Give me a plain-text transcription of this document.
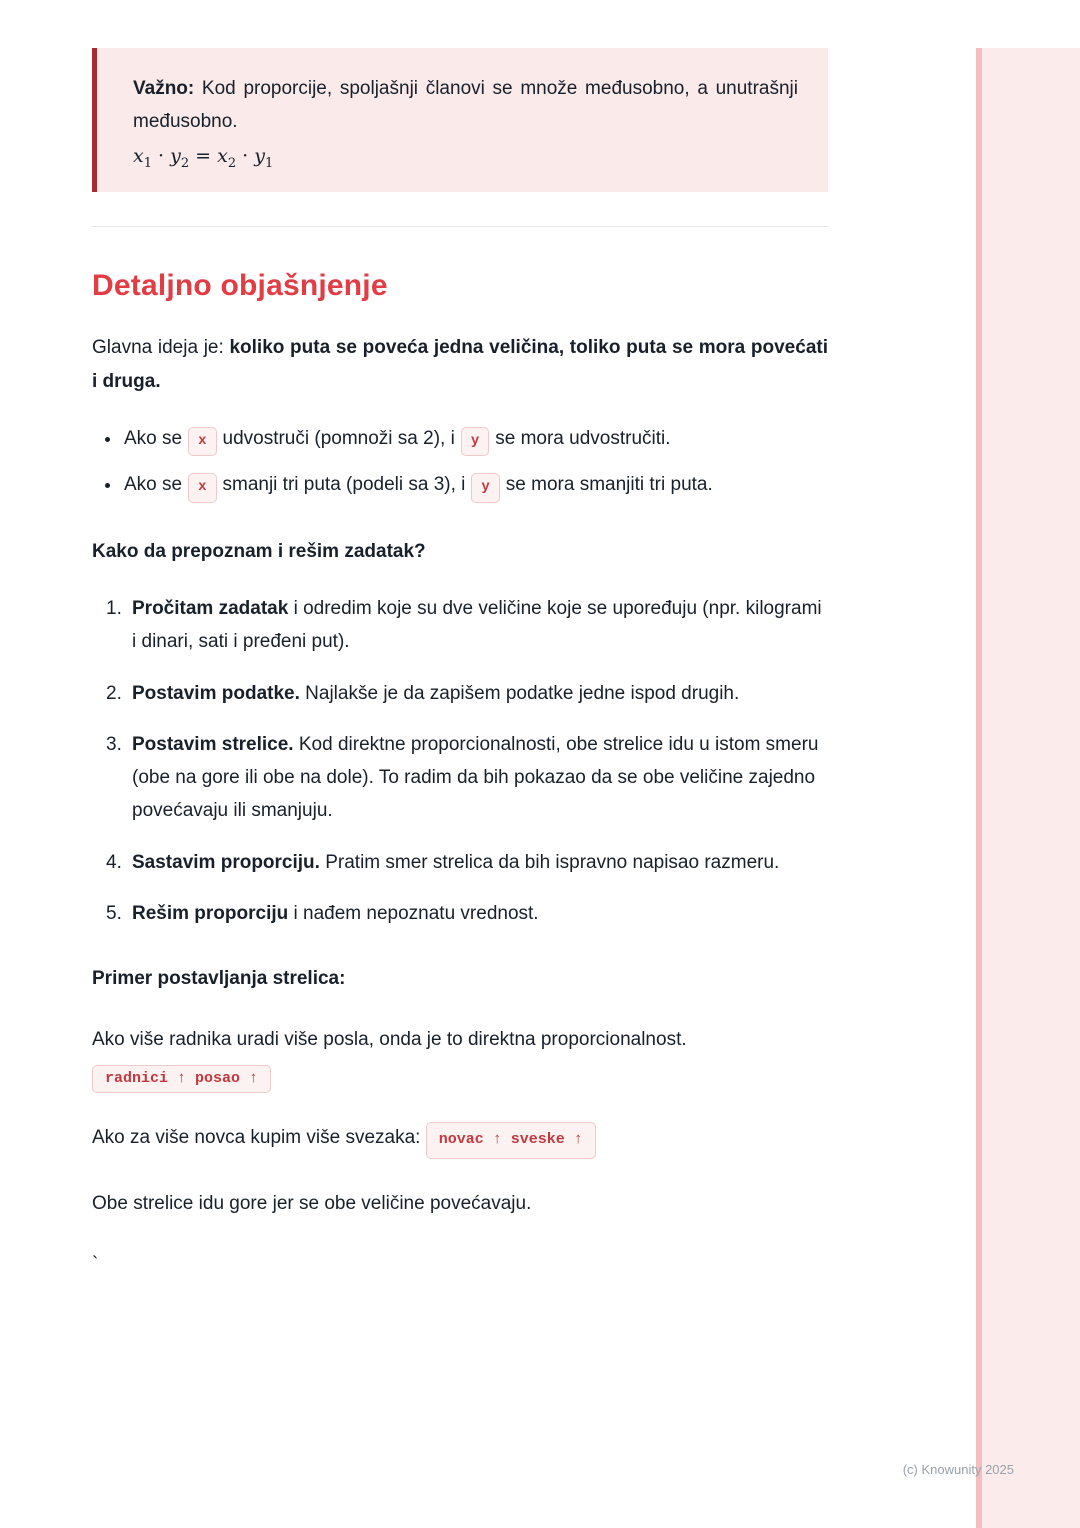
Važno: Kod proporcije, spoljašnji članovi se množe međusobno, a unutrašnji međusobno.

$x_1 \cdot y_2 = x_2 \cdot y_1$
Detaljno objašnjenje

Glavna ideja je: koliko puta se poveća jedna veličina, toliko puta se mora povećati i druga.

• Ako se x udvostruči (pomnoži sa 2), i y se mora udvostručiti.
• Ako se x smanji tri puta (podeli sa 3), i y se mora smanjiti tri puta.

Kako da prepoznam i rešim zadatak?

1. Pročitam zadatak i odredim koje su dve veličine koje se upoređuju (npr. kilogrami i dinari, sati i pređeni put).
2. Postavim podatke. Najlakše je da zapišem podatke jedne ispod drugih.
3. Postavim strelice. Kod direktne proporcionalnosti, obe strelice idu u istom smeru (obe na gore ili obe na dole). To radim da bih pokazao da se obe veličine zajedno povećavaju ili smanjuju.
4. Sastavim proporciju. Pratim smer strelica da bih ispravno napisao razmeru.
5. Rešim proporciju i nađem nepoznatu vrednost.

Primer postavljanja strelica:

Ako više radnika uradi više posla, onda je to direktna proporcionalnost.

radnici ↑ posao ↑

Ako za više novca kupim više svezaka: novac ↑ sveske ↑

Obe strelice idu gore jer se obe veličine povećavaju.

`

(c) Knowunity 2025
